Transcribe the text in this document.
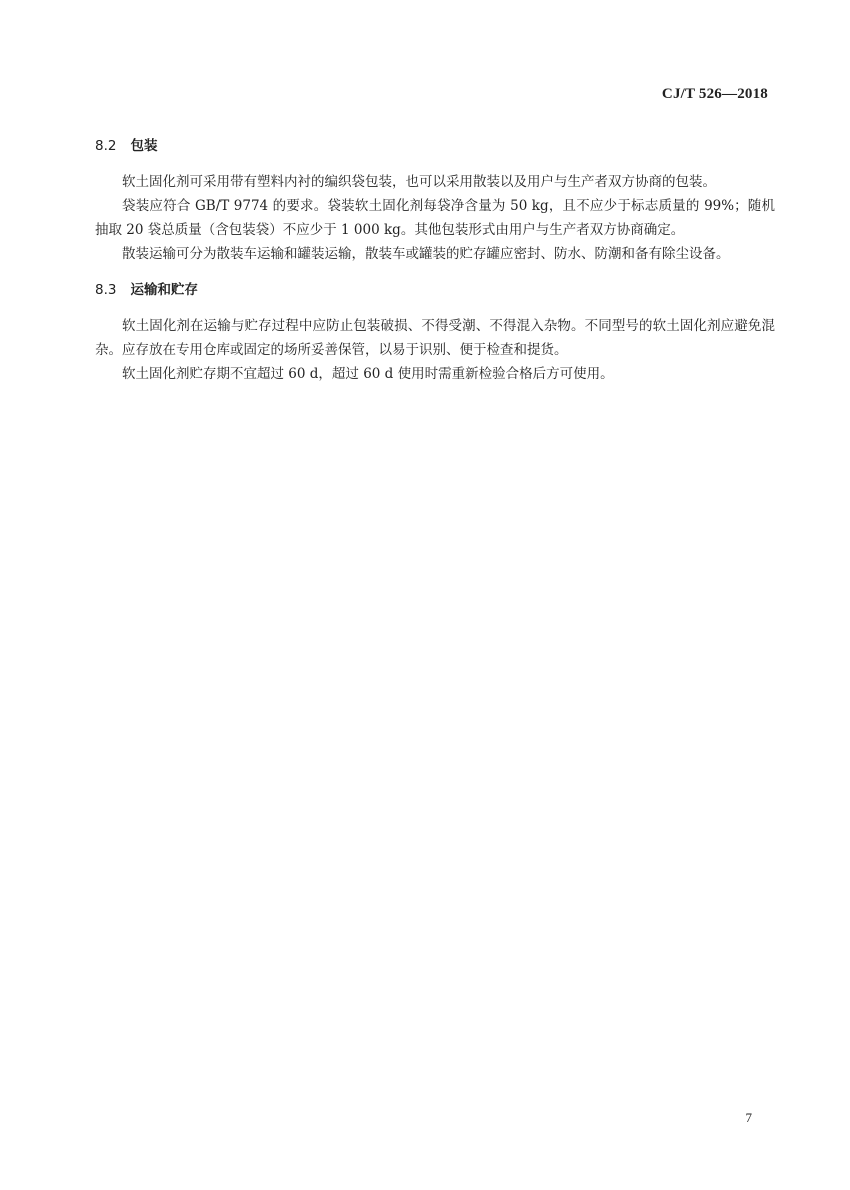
CJ/T 526—2018
8.2 包装

软土固化剂可采用带有塑料内衬的编织袋包装，也可以采用散装以及用户与生产者双方协商的包装。

袋装应符合 GB/T 9774 的要求。袋装软土固化剂每袋净含量为 50 kg，且不应少于标志质量的 99%；随机抽取 20 袋总质量（含包装袋）不应少于 1 000 kg。其他包装形式由用户与生产者双方协商确定。

散装运输可分为散装车运输和罐装运输，散装车或罐装的贮存罐应密封、防水、防潮和备有除尘设备。

8.3 运输和贮存

软土固化剂在运输与贮存过程中应防止包装破损、不得受潮、不得混入杂物。不同型号的软土固化剂应避免混杂。应存放在专用仓库或固定的场所妥善保管，以易于识别、便于检查和提货。

软土固化剂贮存期不宜超过 60 d，超过 60 d 使用时需重新检验合格后方可使用。

7
